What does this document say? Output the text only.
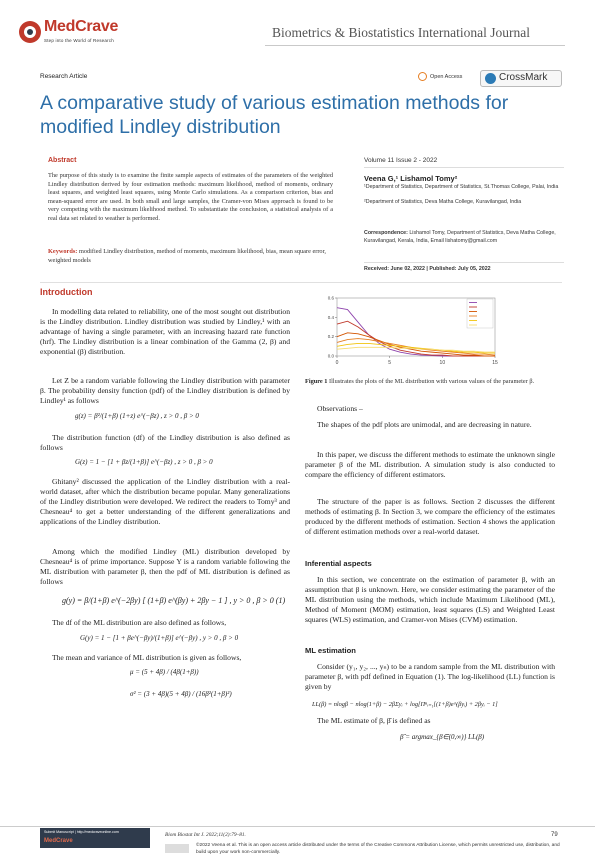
MedCrave
Step into the World of Research
Biometrics & Biostatistics International Journal
Research Article	Open Access	CrossMark
A comparative study of various estimation methods for modified Lindley distribution
Abstract
The purpose of this study is to examine the finite sample aspects of estimates of the parameters of the weighted Lindley distribution derived by four estimation methods: maximum likelihood, method of moments, ordinary least squares, and weighted least squares, using Monte Carlo simulations. As a comparison criterion, bias and mean-squared error are used. In both small and large samples, the Cramer-von Mises approach is found to be very competing with the maximum likelihood method. To substantiate the conclusion, a statistical analysis of a real data set related to weather is performed.
Keywords: modified Lindley distribution, method of moments, maximum likelihood, bias, mean square error, weighted models
Volume 11 Issue 2 - 2022
Veena G,¹ Lishamol Tomy²
¹Department of Statistics, Department of Statistics, St.Thomas College, Palai, India
²Department of Statistics, Deva Matha College, Kuravilangad, India
Correspondence: Lishamol Tomy, Department of Statistics, Deva Matha College, Kuravilangad, Kerala, India, Email lishatomy@gmail.com
Received: June 02, 2022 | Published: July 05, 2022
Introduction

In modelling data related to reliability, one of the most sought out distribution is the Lindley distribution. Lindley distribution was studied by Lindley,¹ with an advantage of having a single parameter, with an increasing hazard rate function (hrf). The Lindley distribution is a linear combination of the Gamma (2, β) and exponential (β) distribution.

Let Z be a random variable following the Lindley distribution with parameter β. The probability density function (pdf) of the Lindley distribution is defined by Lindley¹ as follows

g(z) = β²/(1+β) (1+z) e^(−βz) , z > 0 , β > 0

The distribution function (df) of the Lindley distribution is also defined as follows

G(z) = 1 − [1 + βz/(1+β)] e^(−βz) , z > 0 , β > 0

Ghitany² discussed the application of the Lindley distribution with a real-world dataset, after which the distribution became popular. Many generalizations of the Lindley distribution were developed. We redirect the readers to Tomy³ and Chesneau⁴ to get a better understanding of the different generalizations and applications of the Lindley distribution.

Among which the modified Lindley (ML) distribution developed by Chesneau⁴ is of prime importance. Suppose Y is a random variable following the ML distribution with parameter β, then the pdf of ML distribution is defined as follows

g(y) = β/(1+β) e^(−2βy) [ (1+β) e^(βy) + 2βy − 1 ] , y > 0 , β > 0 (1)

The df of the ML distribution are also defined as follows,

G(y) = 1 − [1 + βe^(−βy)/(1+β)] e^(−βy) , y > 0 , β > 0

The mean and variance of ML distribution is given as follows,

μ = (5 + 4β) / (4β(1+β))
σ² = (3 + 4β)(5 + 4β) / (16β²(1+β)²)
0	5	10	15
0.0
0.2
0.4
0.6
Figure 1 Illustrates the plots of the ML distribution with various values of the parameter β.

Observations –

The shapes of the pdf plots are unimodal, and are decreasing in nature.

In this paper, we discuss the different methods to estimate the unknown single parameter β of the ML distribution. A simulation study is also conducted to compare the efficiency of different estimators.

The structure of the paper is as follows. Section 2 discusses the different methods of estimating β. In Section 3, we compare the efficiency of the estimates produced by the different methods of estimation. Section 4 shows the application of different estimation methods over a real-world dataset.

Inferential aspects

In this section, we concentrate on the estimation of parameter β, with an assumption that β is unknown. Here, we consider estimating the parameter of the ML distribution using the methods, which include Maximum Likelihood (ML), Method of Moment (MOM) estimation, least squares (LS) and Weighted Least squares (WLS) estimation, and Cramer-von Mises (CVM) estimation.

ML estimation

Consider (y₁, y₂, ..., yₙ) to be a random sample from the ML distribution with parameter β, with pdf defined in Equation (1). The log-likelihood (LL) function is given by

LL(β) = nlogβ − nlog(1+β) − 2βΣyᵢ + log[Πⁿᵢ₌₁[(1+β)e^(βyᵢ) + 2βyᵢ − 1]

The ML estimate of β, β̂ is defined as

β̂ = argmax_{β∈(0,∞)} LL(β)
Submit Manuscript | http://medcraveonline.com
MedCrave
Biom Biostat Int J. 2022;11(2):79–81.	79
©2022 Veena et al. This is an open access article distributed under the terms of the Creative Commons Attribution License, which permits unrestricted use, distribution, and build upon your work non-commercially.
